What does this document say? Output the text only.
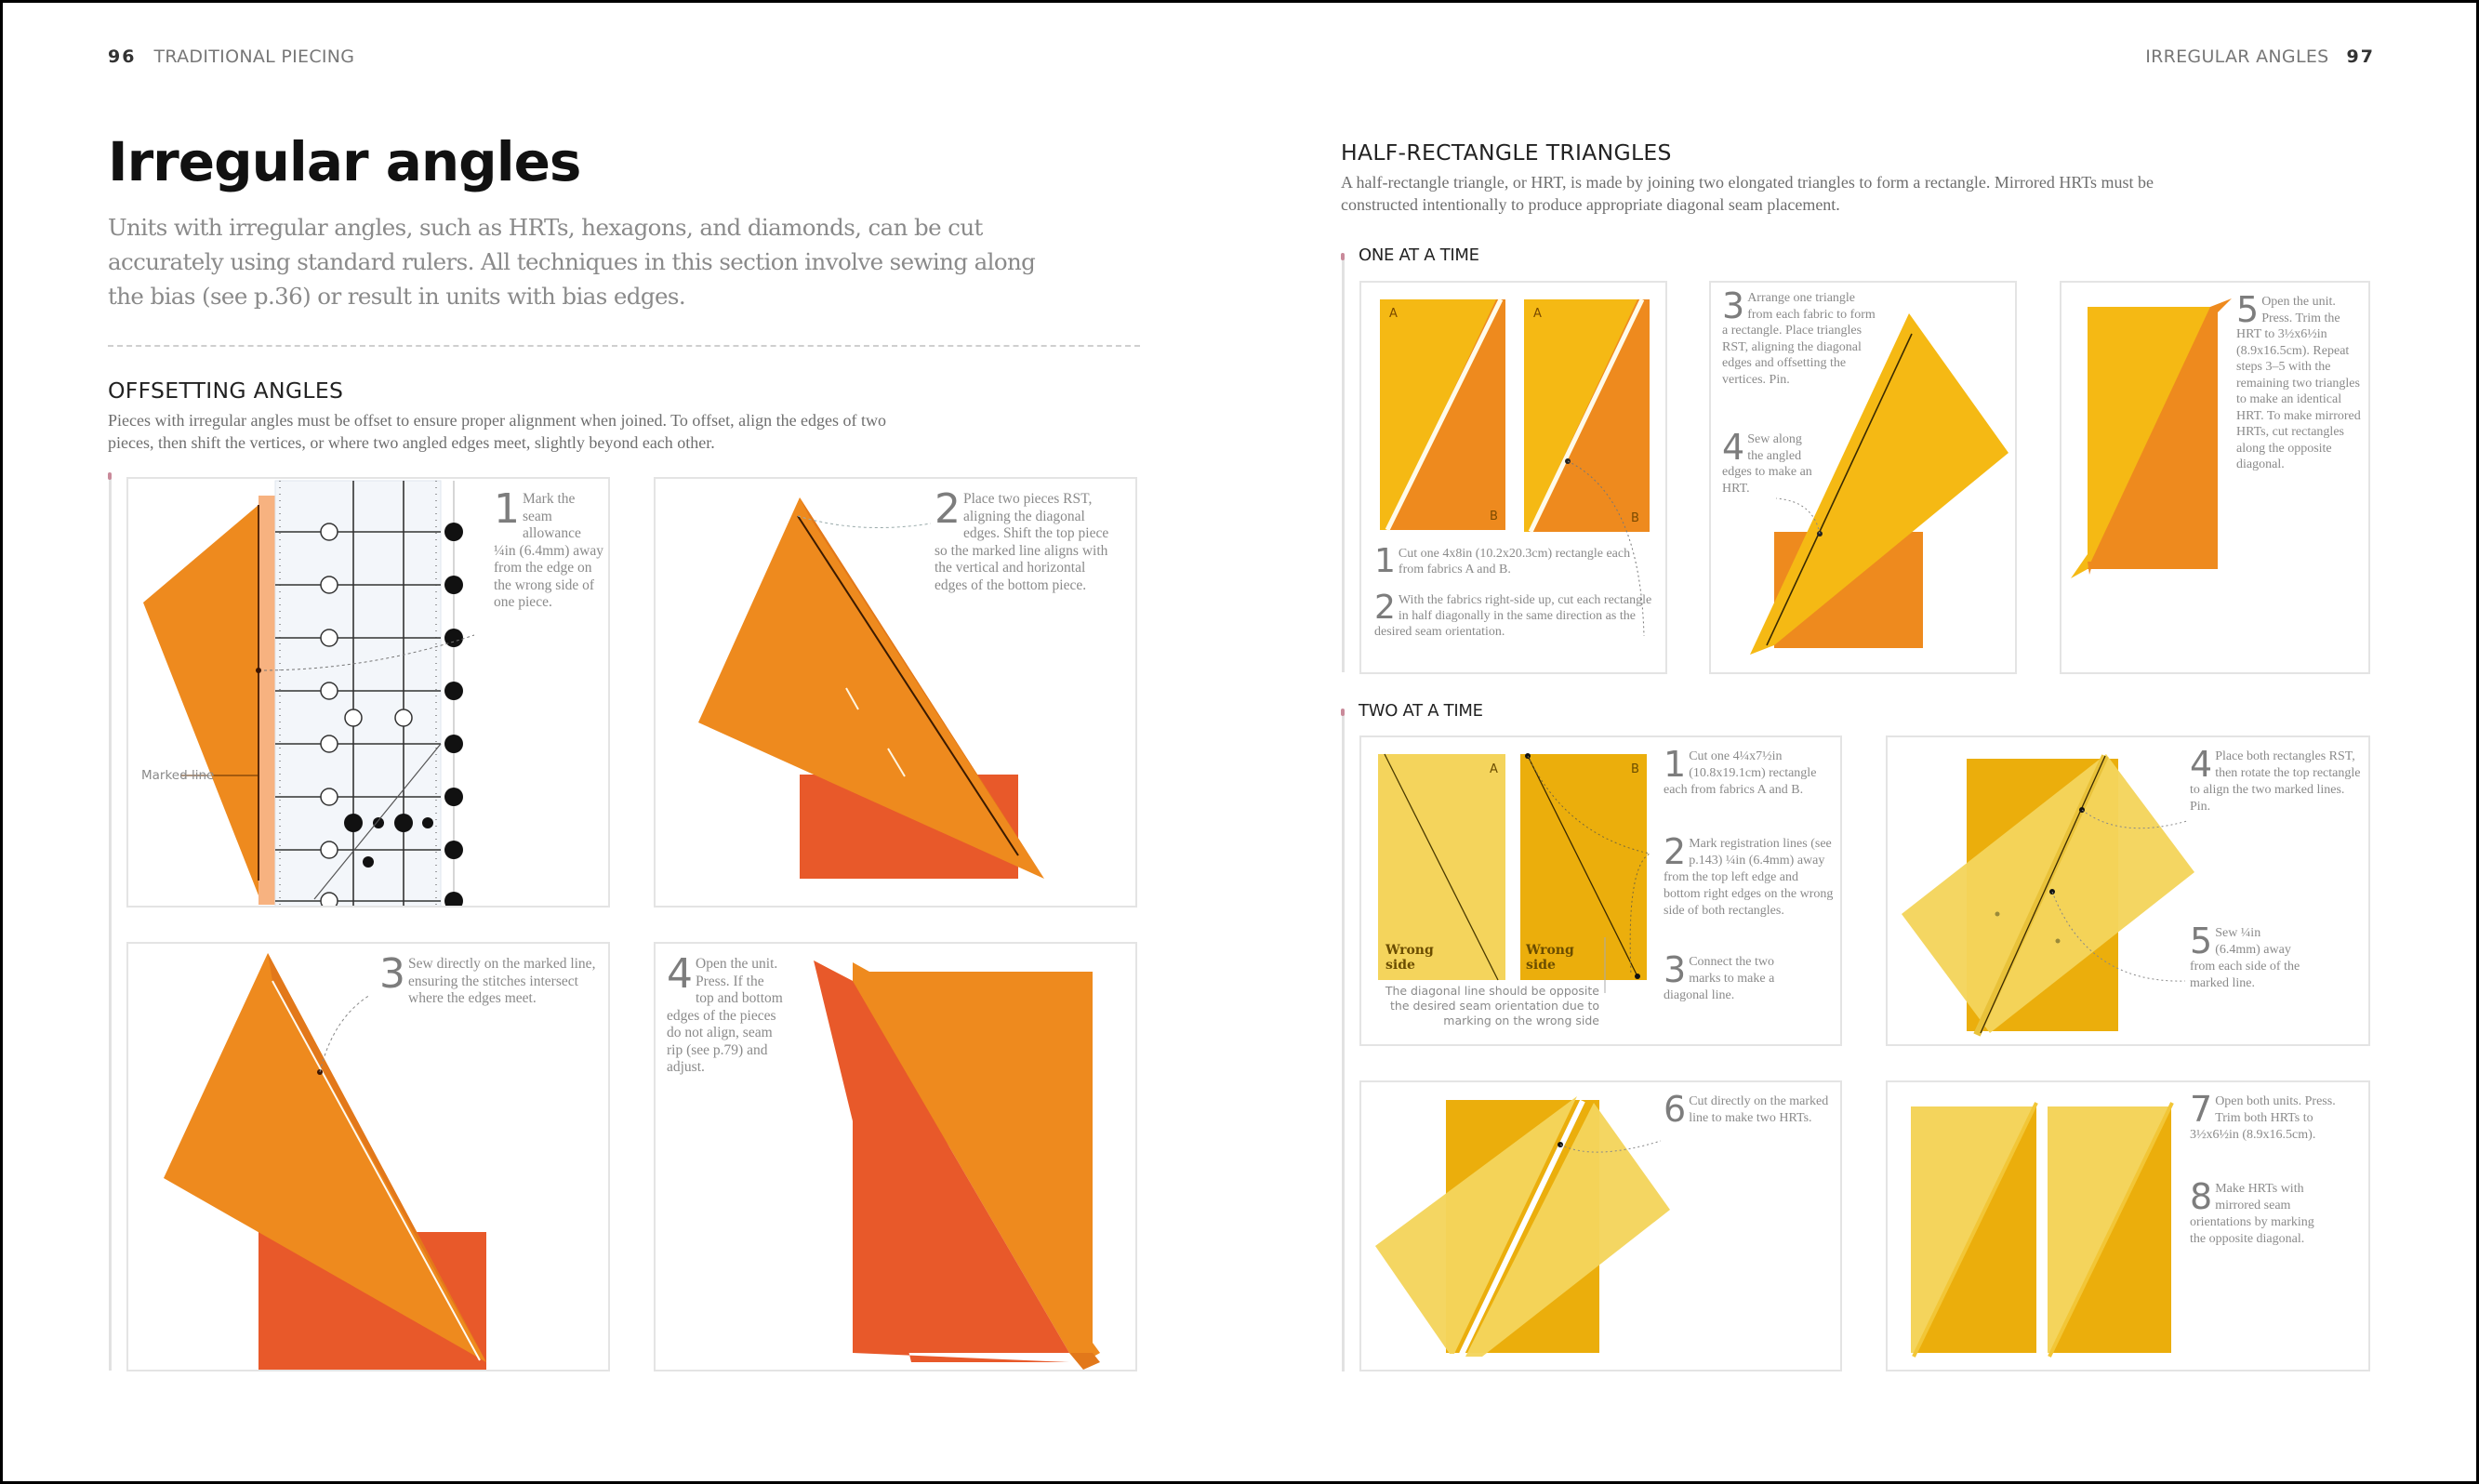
96 TRADITIONAL PIECING
Irregular angles
Units with irregular angles, such as HRTs, hexagons, and diamonds, can be cut accurately using standard rulers. All techniques in this section involve sewing along the bias (see p.36) or result in units with bias edges.
OFFSETTING ANGLES
Pieces with irregular angles must be offset to ensure proper alignment when joined. To offset, align the edges of two pieces, then shift the vertices, or where two angled edges meet, slightly beyond each other.
Marked line
1 Mark the seam allowance ¼in (6.4mm) away from the edge on the wrong side of one piece.
2 Place two pieces RST, aligning the diagonal edges. Shift the top piece so the marked line aligns with the vertical and horizontal edges of the bottom piece.
3 Sew directly on the marked line, ensuring the stitches intersect where the edges meet.
4 Open the unit. Press. If the top and bottom edges of the pieces do not align, seam rip (see p.79) and adjust.
IRREGULAR ANGLES 97
HALF-RECTANGLE TRIANGLES
A half-rectangle triangle, or HRT, is made by joining two elongated triangles to form a rectangle. Mirrored HRTs must be constructed intentionally to produce appropriate diagonal seam placement.
ONE AT A TIME
A
B
A
B
1 Cut one 4x8in (10.2x20.3cm) rectangle each from fabrics A and B.
2 With the fabrics right-side up, cut each rectangle in half diagonally in the same direction as the desired seam orientation.
3 Arrange one triangle from each fabric to form a rectangle. Place triangles RST, aligning the diagonal edges and offsetting the vertices. Pin.
4 Sew along the angled edges to make an HRT.
5 Open the unit. Press. Trim the HRT to 3½x6½in (8.9x16.5cm). Repeat steps 3–5 with the remaining two triangles to make an identical HRT. To make mirrored HRTs, cut rectangles along the opposite diagonal.
TWO AT A TIME
A	B
Wrong side
Wrong side
The diagonal line should be opposite the desired seam orientation due to marking on the wrong side
1 Cut one 4¼x7½in (10.8x19.1cm) rectangle each from fabrics A and B.
2 Mark registration lines (see p.143) ¼in (6.4mm) away from the top left edge and bottom right edges on the wrong side of both rectangles.
3 Connect the two marks to make a diagonal line.
4 Place both rectangles RST, then rotate the top rectangle to align the two marked lines. Pin.
5 Sew ¼in (6.4mm) away from each side of the marked line.
6 Cut directly on the marked line to make two HRTs.	7 Open both units. Press. Trim both HRTs to 3½x6½in (8.9x16.5cm).
8 Make HRTs with mirrored seam orientations by marking the opposite diagonal.
